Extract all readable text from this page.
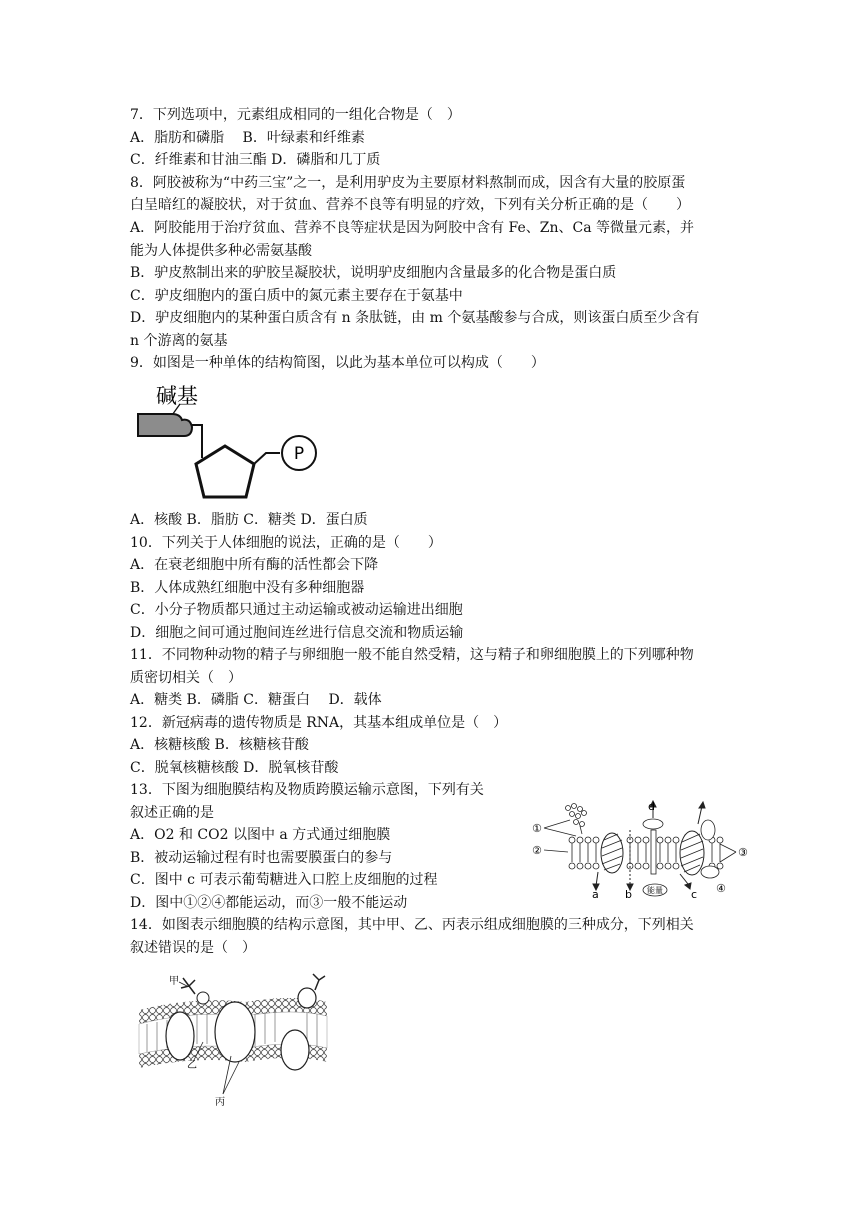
7．下列选项中，元素组成相同的一组化合物是（　）
A．脂肪和磷脂　 B．叶绿素和纤维素
C．纤维素和甘油三酯 D．磷脂和几丁质
8．阿胶被称为“中药三宝”之一，是利用驴皮为主要原材料熬制而成，因含有大量的胶原蛋
白呈暗红的凝胶状，对于贫血、营养不良等有明显的疗效，下列有关分析正确的是（　　）
A．阿胶能用于治疗贫血、营养不良等症状是因为阿胶中含有 Fe、Zn、Ca 等微量元素，并
能为人体提供多种必需氨基酸
B．驴皮熬制出来的驴胶呈凝胶状，说明驴皮细胞内含量最多的化合物是蛋白质
C．驴皮细胞内的蛋白质中的氮元素主要存在于氨基中
D．驴皮细胞内的某种蛋白质含有 n 条肽链，由 m 个氨基酸参与合成，则该蛋白质至少含有
n 个游离的氨基
9．如图是一种单体的结构简图，以此为基本单位可以构成（　　）
碱基
P
A．核酸 B．脂肪 C．糖类 D．蛋白质
10．下列关于人体细胞的说法，正确的是（　　）
A．在衰老细胞中所有酶的活性都会下降
B．人体成熟红细胞中没有多种细胞器
C．小分子物质都只通过主动运输或被动运输进出细胞
D．细胞之间可通过胞间连丝进行信息交流和物质运输
11．不同物种动物的精子与卵细胞一般不能自然受精，这与精子和卵细胞膜上的下列哪种物
质密切相关（　）
A．糖类 B．磷脂 C．糖蛋白　 D．载体
12．新冠病毒的遗传物质是 RNA，其基本组成单位是（　）
A．核糖核酸 B．核糖核苷酸
C．脱氧核糖核酸 D．脱氧核苷酸
13．下图为细胞膜结构及物质跨膜运输示意图，下列有关
叙述正确的是
A．O2 和 CO2 以图中 a 方式通过细胞膜
B．被动运输过程有时也需要膜蛋白的参与
C．图中 c 可表示葡萄糖进入口腔上皮细胞的过程
D．图中①②④都能运动，而③一般不能运动
能量
①
②	③
④
a b	c
d
14．如图表示细胞膜的结构示意图，其中甲、乙、丙表示组成细胞膜的三种成分，下列相关
叙述错误的是（　）
甲
乙
丙
